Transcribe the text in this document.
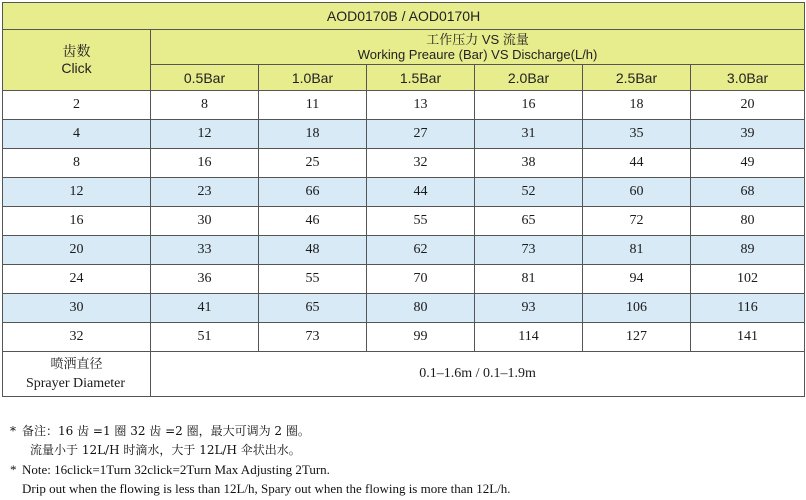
AOD0170B / AOD0170H						
齿数
Click	工作压力 VS 流量
Working Preaure (Bar) VS Discharge(L/h)					
	0.5Bar	1.0Bar	1.5Bar	2.0Bar	2.5Bar	3.0Bar
2	8	11	13	16	18	20
4	12	18	27	31	35	39
8	16	25	32	38	44	49
12	23	66	44	52	60	68
16	30	46	55	65	72	80
20	33	48	62	73	81	89
24	36	55	70	81	94	102
30	41	65	80	93	106	116
32	51	73	99	114	127	141
喷洒直径
Sprayer Diameter	0.1–1.6m / 0.1–1.9m					
* 备注：16 齿 =1 圈 32 齿 =2 圈，最大可调为 2 圈。
流量小于 12L/H 时滴水，大于 12L/H 伞状出水。
* Note: 16click=1Turn 32click=2Turn Max Adjusting 2Turn.
Drip out when the flowing is less than 12L/h, Spary out when the flowing is more than 12L/h.
